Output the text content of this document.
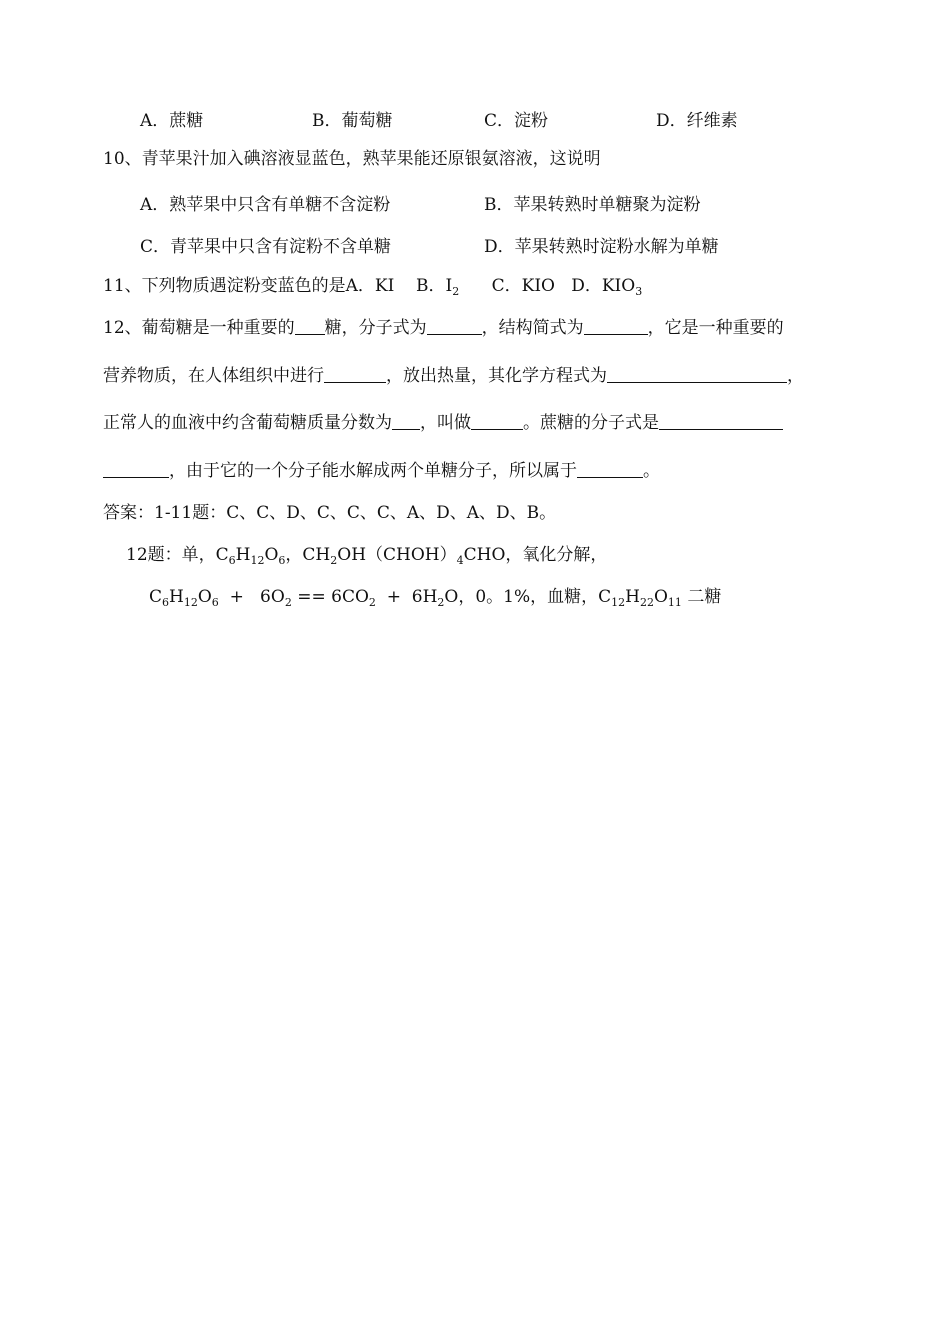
A．蔗糖	B．葡萄糖	C．淀粉	D．纤维素
10、青苹果汁加入碘溶液显蓝色，熟苹果能还原银氨溶液，这说明
A．熟苹果中只含有单糖不含淀粉	B．苹果转熟时单糖聚为淀粉
C．青苹果中只含有淀粉不含单糖	D．苹果转熟时淀粉水解为单糖
11、下列物质遇淀粉变蓝色的是A．KI B．$I_2$ C．KIO D．$KIO_3$
12、葡萄糖是一种重要的 糖，分子式为	，结构简式为	，它是一种重要的
营养物质，在人体组织中进行	，放出热量，其化学方程式为	，
正常人的血液中约含葡萄糖质量分数为 ，叫做	。蔗糖的分子式是
，由于它的一个分子能水解成两个单糖分子，所以属于	。
答案：1-11题：C、C、D、C、C、C、A、D、A、D、B。
12题：单，$C_6H_{12}O_6$，$CH_2OH(CHOH)_4CHO$，氧化分解，
$C_6H_{12}O_6 + 6O_2 == 6CO_2 + 6H_2O$，0。1%，血糖，$C_{12}H_{22}O_{11}$ 二糖
